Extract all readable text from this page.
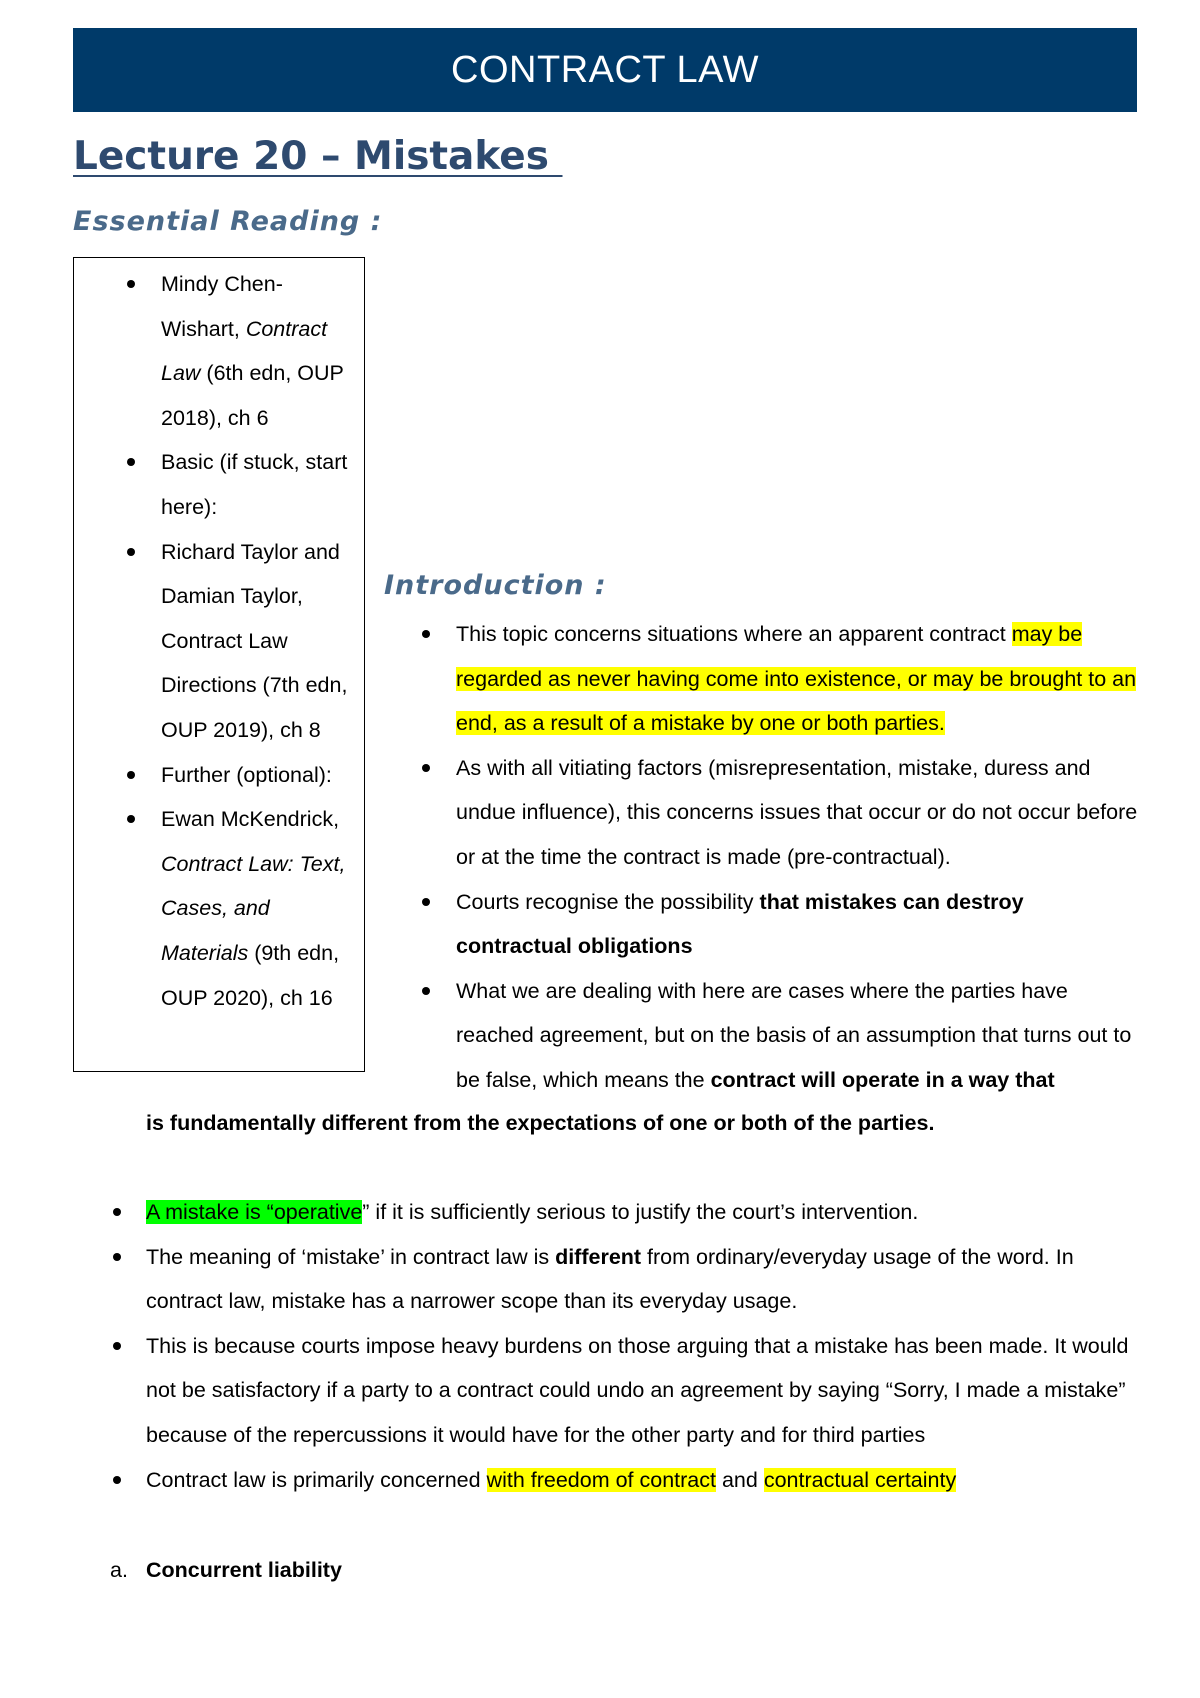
CONTRACT LAW
Lecture 20 – Mistakes
Essential Reading :
Mindy Chen-Wishart, Contract Law (6th edn, OUP 2018), ch 6
Basic (if stuck, start here):
Richard Taylor and Damian Taylor, Contract Law Directions (7th edn, OUP 2019), ch 8
Further (optional):
Ewan McKendrick, Contract Law: Text, Cases, and Materials (9th edn, OUP 2020), ch 16
Introduction :
This topic concerns situations where an apparent contract may be regarded as never having come into existence, or may be brought to an end, as a result of a mistake by one or both parties.
As with all vitiating factors (misrepresentation, mistake, duress and undue influence), this concerns issues that occur or do not occur before or at the time the contract is made (pre-contractual).
Courts recognise the possibility that mistakes can destroy contractual obligations
What we are dealing with here are cases where the parties have reached agreement, but on the basis of an assumption that turns out to be false, which means the contract will operate in a way that

is fundamentally different from the expectations of one or both of the parties.

A mistake is “operative” if it is sufficiently serious to justify the court’s intervention.
The meaning of ‘mistake’ in contract law is different from ordinary/everyday usage of the word. In contract law, mistake has a narrower scope than its everyday usage.
This is because courts impose heavy burdens on those arguing that a mistake has been made. It would not be satisfactory if a party to a contract could undo an agreement by saying “Sorry, I made a mistake” because of the repercussions it would have for the other party and for third parties
Contract law is primarily concerned with freedom of contract and contractual certainty

a. Concurrent liability
